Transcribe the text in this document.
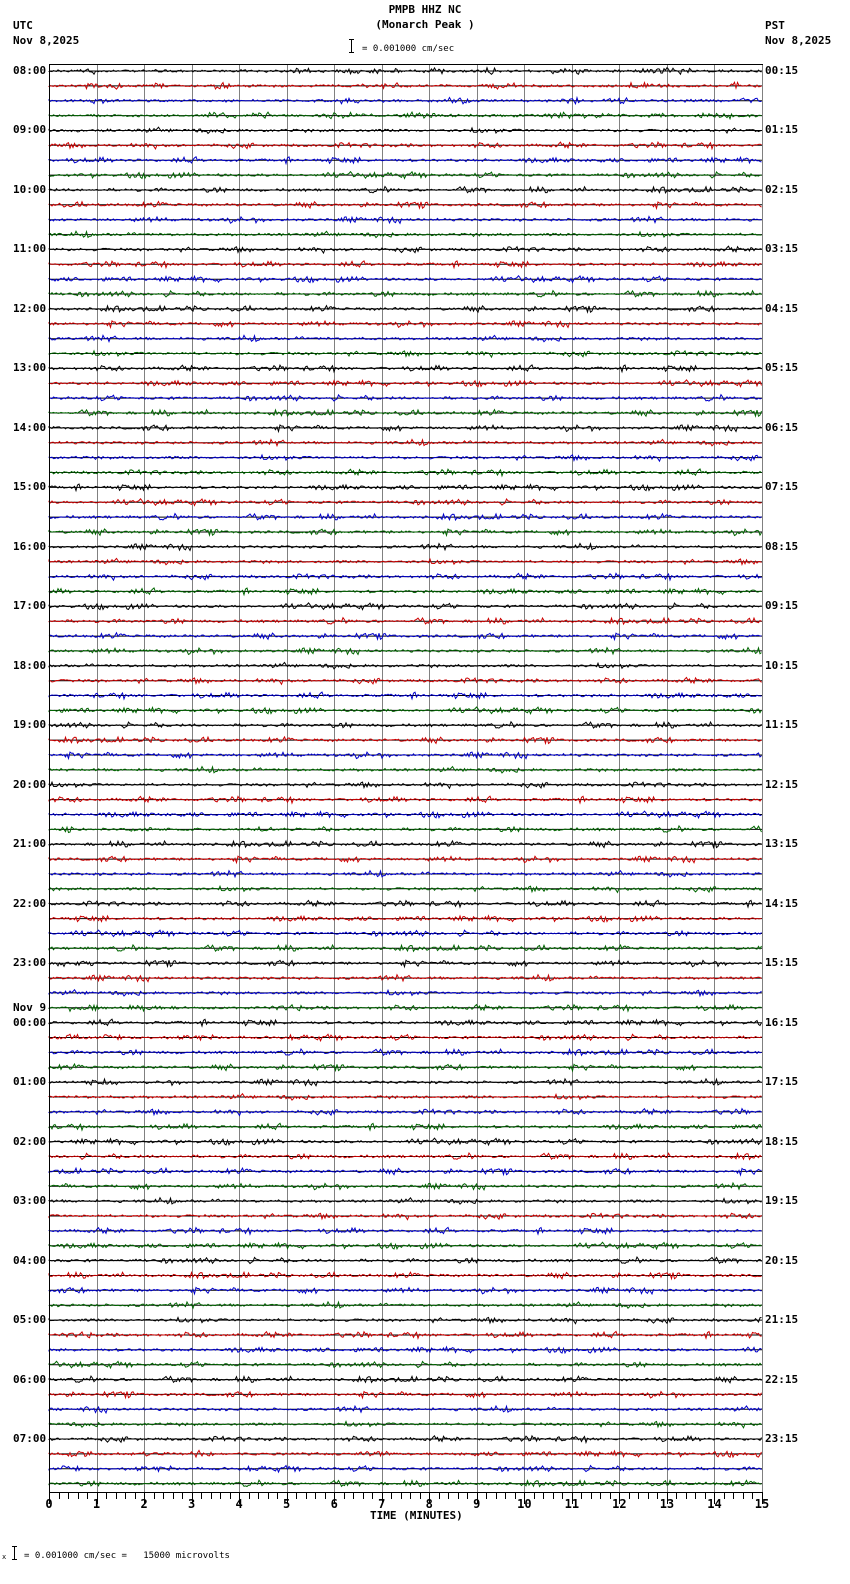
PMPB HHZ NC
(Monarch Peak )
UTC
Nov 8,2025
PST
Nov 8,2025
= 0.001000 cm/sec
08:00
09:00
10:00
11:00
12:00
13:00
14:00
15:00
16:00
17:00
18:00
19:00
20:00
21:00
22:00
23:00
00:00
01:00
02:00
03:00
04:00
05:00
06:00
07:00
Nov 9
00:15
01:15
02:15
03:15
04:15
05:15
06:15
07:15
08:15
09:15
10:15
11:15
12:15
13:15
14:15
15:15
16:15
17:15
18:15
19:15
20:15
21:15
22:15
23:15
0	1	2	3	4	5	6	7	8	9	10	11	12	13	14	15
TIME (MINUTES)
x = 0.001000 cm/sec =   15000 microvolts
